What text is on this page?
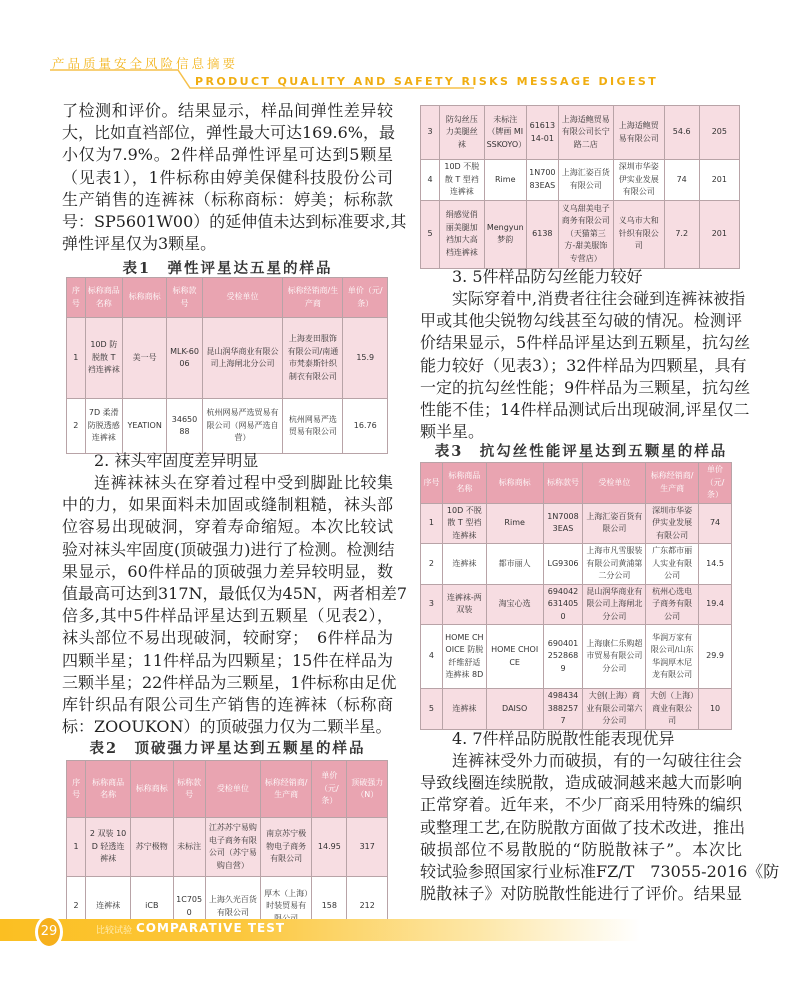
产品质量安全风险信息摘要
PRODUCT QUALITY AND SAFETY RISKS MESSAGE DIGEST
了检测和评价。结果显示，样品间弹性差异较
大，比如直裆部位，弹性最大可达169.6%，最
小仅为7.9%。2件样品弹性评星可达到5颗星
（见表1），1件标称由婷美保健科技股份公司
生产销售的连裤袜（标称商标：婷美；标称款
号：SP5601W00）的延伸值未达到标准要求,其
弹性评星仅为3颗星。
表1　弹性评星达五星的样品
序号	标称商品名称	标称商标	标称款号	受检单位	标称经销商/生产商	单价（元/条）
1	10D 防脱散 T 裆连裤袜	美一号	MLK-6006	昆山润华商业有限公司上海闸北分公司	上海麦田服饰有限公司/南通市梵泰斯针织制衣有限公司	15.9
2	7D 柔滑防脱透感连裤袜	YEATION	3465088	杭州网易严选贸易有限公司（网易严选自营）	杭州网易严选贸易有限公司	16.76
2. 袜头牢固度差异明显
连裤袜袜头在穿着过程中受到脚趾比较集
中的力，如果面料未加固或缝制粗糙，袜头部
位容易出现破洞，穿着寿命缩短。本次比较试
验对袜头牢固度(顶破强力)进行了检测。检测结
果显示，60件样品的顶破强力差异较明显，数
值最高可达到317N，最低仅为45N，两者相差7
倍多,其中5件样品评星达到五颗星（见表2），
袜头部位不易出现破洞，较耐穿；　6件样品为
四颗半星；11件样品为四颗星；15件在样品为
三颗半星；22件样品为三颗星，1件标称由足优
库针织品有限公司生产销售的连裤袜（标称商
标：ZOOUKON）的顶破强力仅为二颗半星。
表2　顶破强力评星达到五颗星的样品
序号	标称商品名称	标称商标	标称款号	受检单位	标称经销商/生产商	单价（元/条）	顶破强力（N）
1	2 双装 10D 轻透连裤袜	苏宁极物	未标注	江苏苏宁易购电子商务有限公司（苏宁易购自营）	南京苏宁极物电子商务有限公司	14.95	317
2	连裤袜	iCB	1C7050	上海久光百货有限公司	厚木（上海）时装贸易有	158	212
3	防勾丝压力美腿丝袜	未标注（牌画 MISSKOYO）	6161314-01	上海适鲍贸易有限公司长宁路二店	上海适鲍贸易有限公司	54.6	205
4	10D 不脱散 T 型裆连裤袜	Rime	1N70083EAS	上海汇姿百货有限公司	深圳市华姿伊实业发展有限公司	74	201
5	绢感觉俏丽美腿加裆加大高档连裤袜	Mengyun 梦韵	6138	义乌甜美电子商务有限公司（天猫第三方-甜美服饰专营店）	义乌市大和针织有限公司	7.2	201
3. 5件样品防勾丝能力较好
实际穿着中,消费者往往会碰到连裤袜被指
甲或其他尖锐物勾线甚至勾破的情况。检测评
价结果显示，5件样品评星达到五颗星，抗勾丝
能力较好（见表3）；32件样品为四颗星，具有
一定的抗勾丝性能；9件样品为三颗星，抗勾丝
性能不佳；14件样品测试后出现破洞,评星仅二
颗半星。
表3　抗勾丝性能评星达到五颗星的样品
序号	标称商品名称	标称商标	标称款号	受检单位	标称经销商/生产商	单价（元/条）
1	10D 不脱散 T 型裆连裤袜	Rime	1N70083EAS	上海汇姿百货有限公司	深圳市华姿伊实业发展有限公司	74
2	连裤袜	都市丽人	LG9306	上海市凡雪服装有限公司黄浦第二分公司	广东都市丽人实业有限公司	14.5
3	连裤袜-两双装	淘宝心选	6940426314050	昆山润华商业有限公司上海闸北分公司	杭州心选电子商务有限公司	19.4
4	HOME CHOICE 防脱纤维舒适连裤袜 8D	HOME CHOICE	6904012528689	上海康仁乐购超市贸易有限公司分公司	华润万家有限公司/山东华润厚木尼龙有限公司	29.9
5	连裤袜	DAISO	4984343882577	大创(上海）商业有限公司第六分公司	大创（上海）商业有限公司	10
4. 7件样品防脱散性能表现优异
连裤袜受外力而破损，有的一勾破往往会
导致线圈连续脱散，造成破洞越来越大而影响
正常穿着。近年来，不少厂商采用特殊的编织
或整理工艺,在防脱散方面做了技术改进，推出
破损部位不易散脱的“防脱散袜子”。本次比
较试验参照国家行业标准FZ/T　73055-2016《防
脱散袜子》对防脱散性能进行了评价。结果显
29	比较试验 COMPARATIVE TEST
